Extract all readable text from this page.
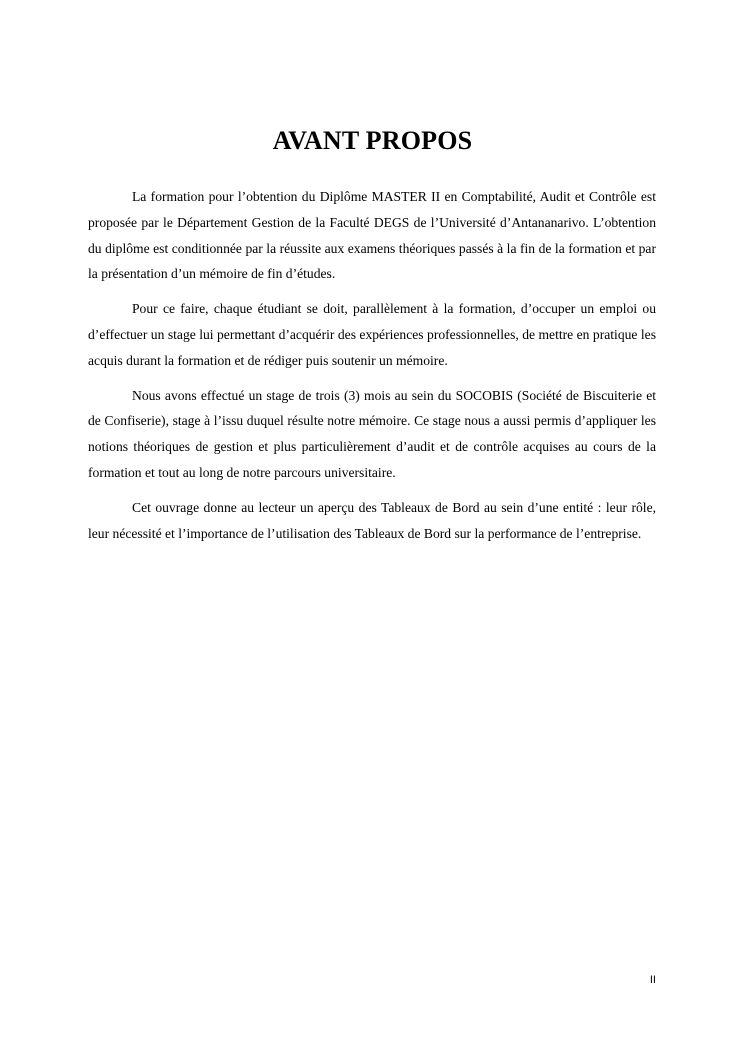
AVANT PROPOS

La formation pour l’obtention du Diplôme MASTER II en Comptabilité, Audit et Contrôle est proposée par le Département Gestion de la Faculté DEGS de l’Université d’Antananarivo. L’obtention du diplôme est conditionnée par la réussite aux examens théoriques passés à la fin de la formation et par la présentation d’un mémoire de fin d’études.

Pour ce faire, chaque étudiant se doit, parallèlement à la formation, d’occuper un emploi ou d’effectuer un stage lui permettant d’acquérir des expériences professionnelles, de mettre en pratique les acquis durant la formation et de rédiger puis soutenir un mémoire.

Nous avons effectué un stage de trois (3) mois au sein du SOCOBIS (Société de Biscuiterie et de Confiserie), stage à l’issu duquel résulte notre mémoire. Ce stage nous a aussi permis d’appliquer les notions théoriques de gestion et plus particulièrement d’audit et de contrôle acquises au cours de la formation et tout au long de notre parcours universitaire.

Cet ouvrage donne au lecteur un aperçu des Tableaux de Bord au sein d’une entité : leur rôle, leur nécessité et l’importance de l’utilisation des Tableaux de Bord sur la performance de l’entreprise.

II
